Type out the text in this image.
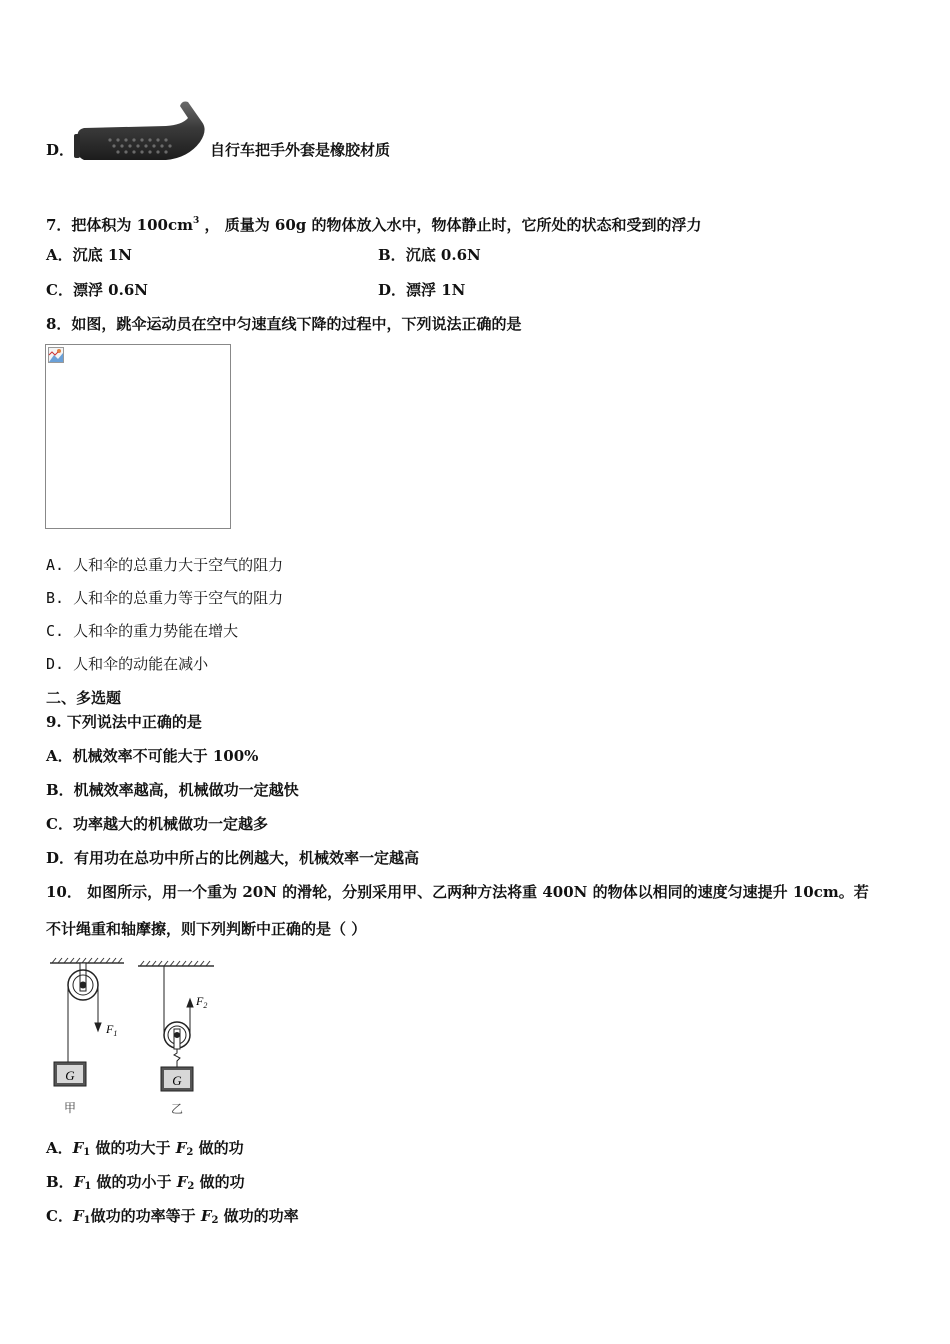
D．	自行车把手外套是橡胶材质
7．把体积为 $100cm^3$ ， 质量为 60g 的物体放入水中，物体静止时，它所处的状态和受到的浮力
A．沉底 1N	B．沉底 0.6N
C．漂浮 0.6N	D．漂浮 1N
8．如图，跳伞运动员在空中匀速直线下降的过程中，下列说法正确的是
A. 人和伞的总重力大于空气的阻力
B. 人和伞的总重力等于空气的阻力
C. 人和伞的重力势能在增大
D. 人和伞的动能在减小
二、多选题
9. 下列说法中正确的是
A．机械效率不可能大于 100%
B．机械效率越高，机械做功一定越快
C．功率越大的机械做功一定越多
D．有用功在总功中所占的比例越大，机械效率一定越高
10． 如图所示，用一个重为 20N 的滑轮，分别采用甲、乙两种方法将重 400N 的物体以相同的速度匀速提升 10cm。若
不计绳重和轴摩擦，则下列判断中正确的是（ ）
$F_1$
G
甲
$F_2$
G
乙
A．$F_1$ 做的功大于 $F_2$ 做的功
B．$F_1$ 做的功小于 $F_2$ 做的功
C．$F_1$做功的功率等于 $F_2$ 做功的功率
